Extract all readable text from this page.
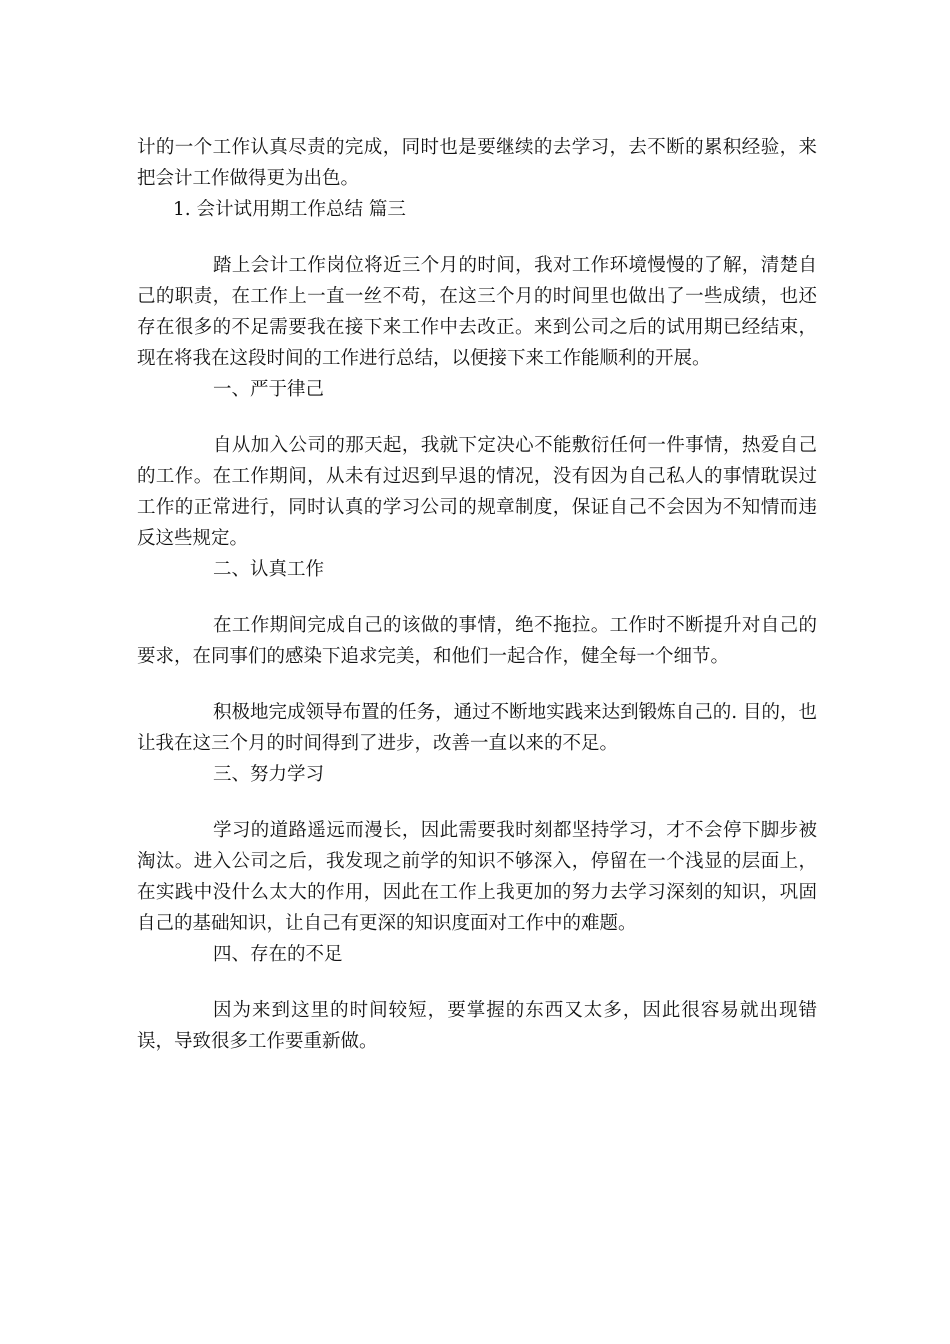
计的一个工作认真尽责的完成，同时也是要继续的去学习，去不断的累积经验，来把会计工作做得更为出色。

1. 会计试用期工作总结 篇三

踏上会计工作岗位将近三个月的时间，我对工作环境慢慢的了解，清楚自己的职责，在工作上一直一丝不苟，在这三个月的时间里也做出了一些成绩，也还存在很多的不足需要我在接下来工作中去改正。来到公司之后的试用期已经结束，现在将我在这段时间的工作进行总结，以便接下来工作能顺利的开展。

一、严于律己

自从加入公司的那天起，我就下定决心不能敷衍任何一件事情，热爱自己的工作。在工作期间，从未有过迟到早退的情况，没有因为自己私人的事情耽误过工作的正常进行，同时认真的学习公司的规章制度，保证自己不会因为不知情而违反这些规定。

二、认真工作

在工作期间完成自己的该做的事情，绝不拖拉。工作时不断提升对自己的要求，在同事们的感染下追求完美，和他们一起合作，健全每一个细节。

积极地完成领导布置的任务，通过不断地实践来达到锻炼自己的. 目的，也让我在这三个月的时间得到了进步，改善一直以来的不足。

三、努力学习

学习的道路遥远而漫长，因此需要我时刻都坚持学习，才不会停下脚步被淘汰。进入公司之后，我发现之前学的知识不够深入，停留在一个浅显的层面上，在实践中没什么太大的作用，因此在工作上我更加的努力去学习深刻的知识，巩固自己的基础知识，让自己有更深的知识度面对工作中的难题。

四、存在的不足

因为来到这里的时间较短，要掌握的东西又太多，因此很容易就出现错误，导致很多工作要重新做。
